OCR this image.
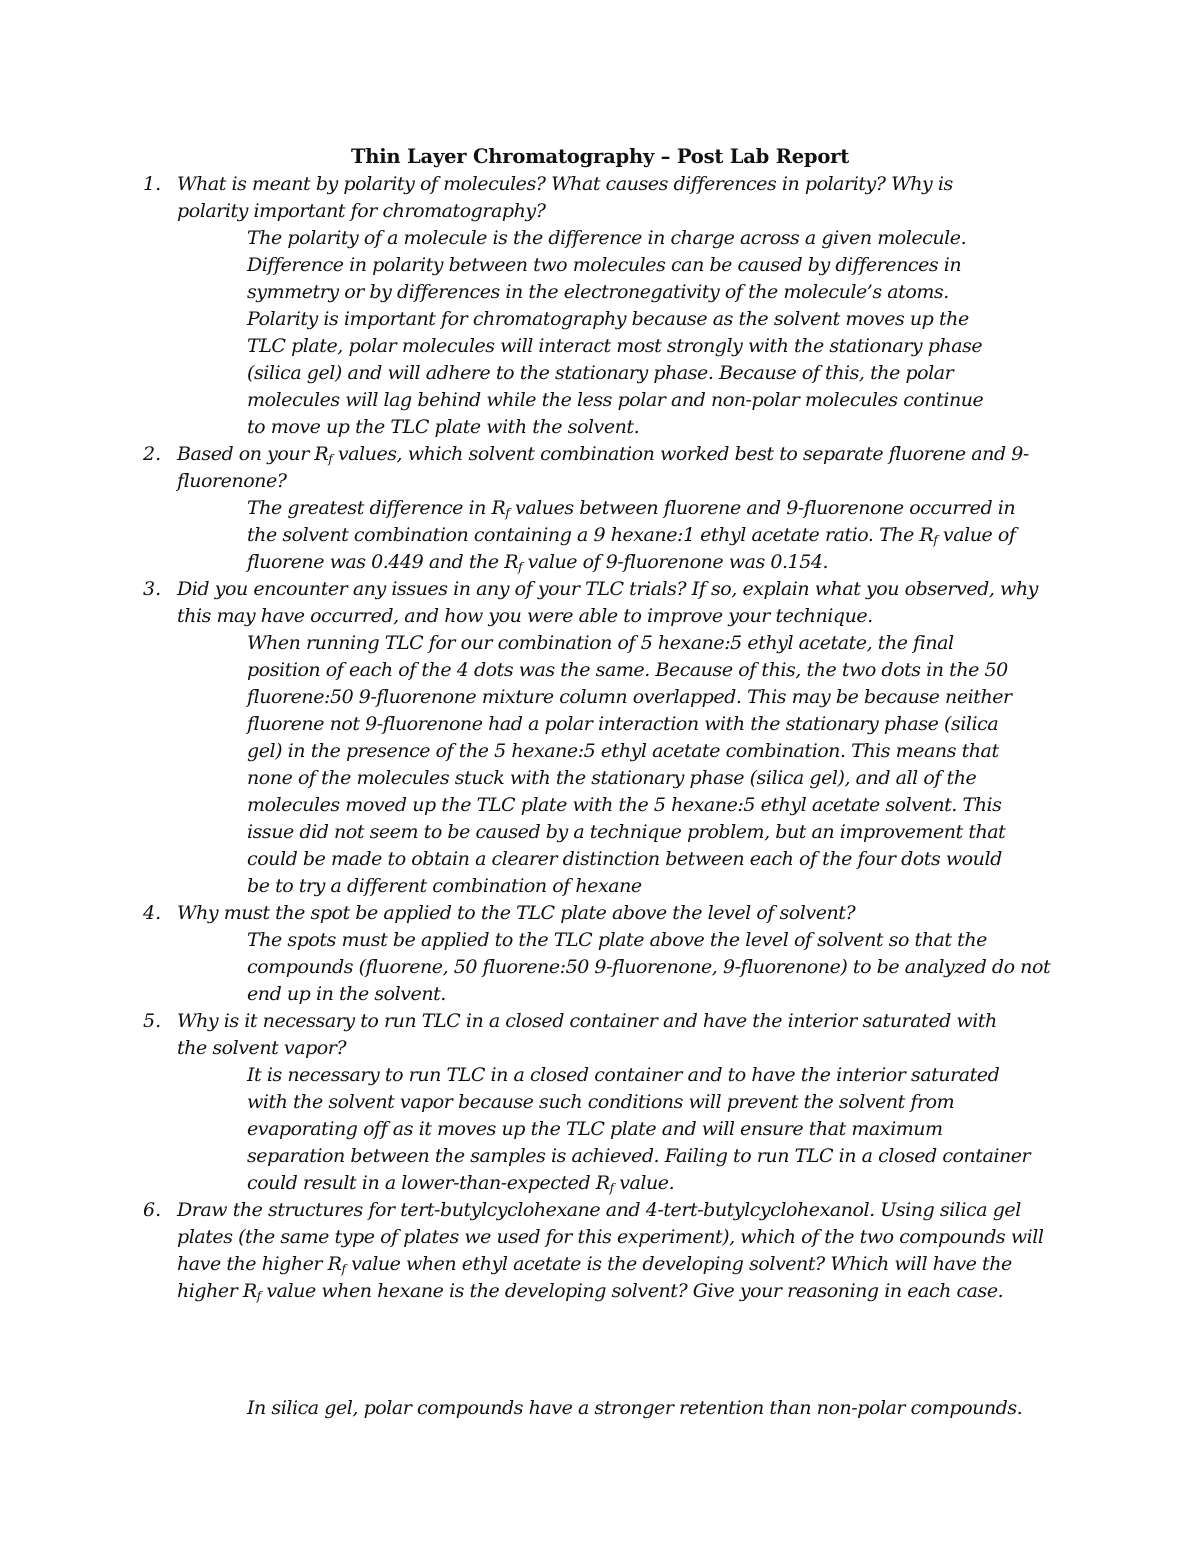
Thin Layer Chromatography – Post Lab Report
1. What is meant by polarity of molecules? What causes differences in polarity? Why is
polarity important for chromatography?
The polarity of a molecule is the difference in charge across a given molecule.
Difference in polarity between two molecules can be caused by differences in
symmetry or by differences in the electronegativity of the molecule’s atoms.
Polarity is important for chromatography because as the solvent moves up the
TLC plate, polar molecules will interact most strongly with the stationary phase
(silica gel) and will adhere to the stationary phase. Because of this, the polar
molecules will lag behind while the less polar and non-polar molecules continue
to move up the TLC plate with the solvent.
2. Based on your $R_f$ values, which solvent combination worked best to separate fluorene and 9-
fluorenone?
The greatest difference in $R_f$ values between fluorene and 9-fluorenone occurred in
the solvent combination containing a 9 hexane:1 ethyl acetate ratio. The $R_f$ value of
fluorene was 0.449 and the $R_f$ value of 9-fluorenone was 0.154.
3. Did you encounter any issues in any of your TLC trials? If so, explain what you observed, why
this may have occurred, and how you were able to improve your technique.
When running TLC for our combination of 5 hexane:5 ethyl acetate, the final
position of each of the 4 dots was the same. Because of this, the two dots in the 50
fluorene:50 9-fluorenone mixture column overlapped. This may be because neither
fluorene not 9-fluorenone had a polar interaction with the stationary phase (silica
gel) in the presence of the 5 hexane:5 ethyl acetate combination. This means that
none of the molecules stuck with the stationary phase (silica gel), and all of the
molecules moved up the TLC plate with the 5 hexane:5 ethyl acetate solvent. This
issue did not seem to be caused by a technique problem, but an improvement that
could be made to obtain a clearer distinction between each of the four dots would
be to try a different combination of hexane
4. Why must the spot be applied to the TLC plate above the level of solvent?
The spots must be applied to the TLC plate above the level of solvent so that the
compounds (fluorene, 50 fluorene:50 9-fluorenone, 9-fluorenone) to be analyzed do not
end up in the solvent.
5. Why is it necessary to run TLC in a closed container and have the interior saturated with
the solvent vapor?
It is necessary to run TLC in a closed container and to have the interior saturated
with the solvent vapor because such conditions will prevent the solvent from
evaporating off as it moves up the TLC plate and will ensure that maximum
separation between the samples is achieved. Failing to run TLC in a closed container
could result in a lower-than-expected $R_f$ value.
6. Draw the structures for tert-butylcyclohexane and 4-tert-butylcyclohexanol. Using silica gel
plates (the same type of plates we used for this experiment), which of the two compounds will
have the higher $R_f$ value when ethyl acetate is the developing solvent? Which will have the
higher $R_f$ value when hexane is the developing solvent? Give your reasoning in each case.
In silica gel, polar compounds have a stronger retention than non-polar compounds.
